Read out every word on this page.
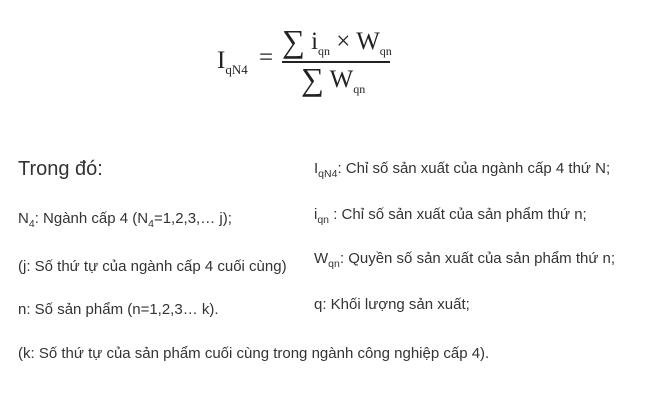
$I_{qN4}$ = ∑ $i_{qn} \times W_{qn}$
∑ $W_{qn}$
Trong đó:
$N_4$: Ngành cấp 4 ($N_4=1,2,3,\dots$ j);
(j: Số thứ tự của ngành cấp 4 cuối cùng)
n: Số sản phẩm (n=1,2,3… k).
(k: Số thứ tự của sản phẩm cuối cùng trong ngành công nghiệp cấp 4).
$I_{qN4}$: Chỉ số sản xuất của ngành cấp 4 thứ N;
$i_{qn}$ : Chỉ số sản xuất của sản phẩm thứ n;
$W_{qn}$: Quyền số sản xuất của sản phẩm thứ n;
q: Khối lượng sản xuất;
